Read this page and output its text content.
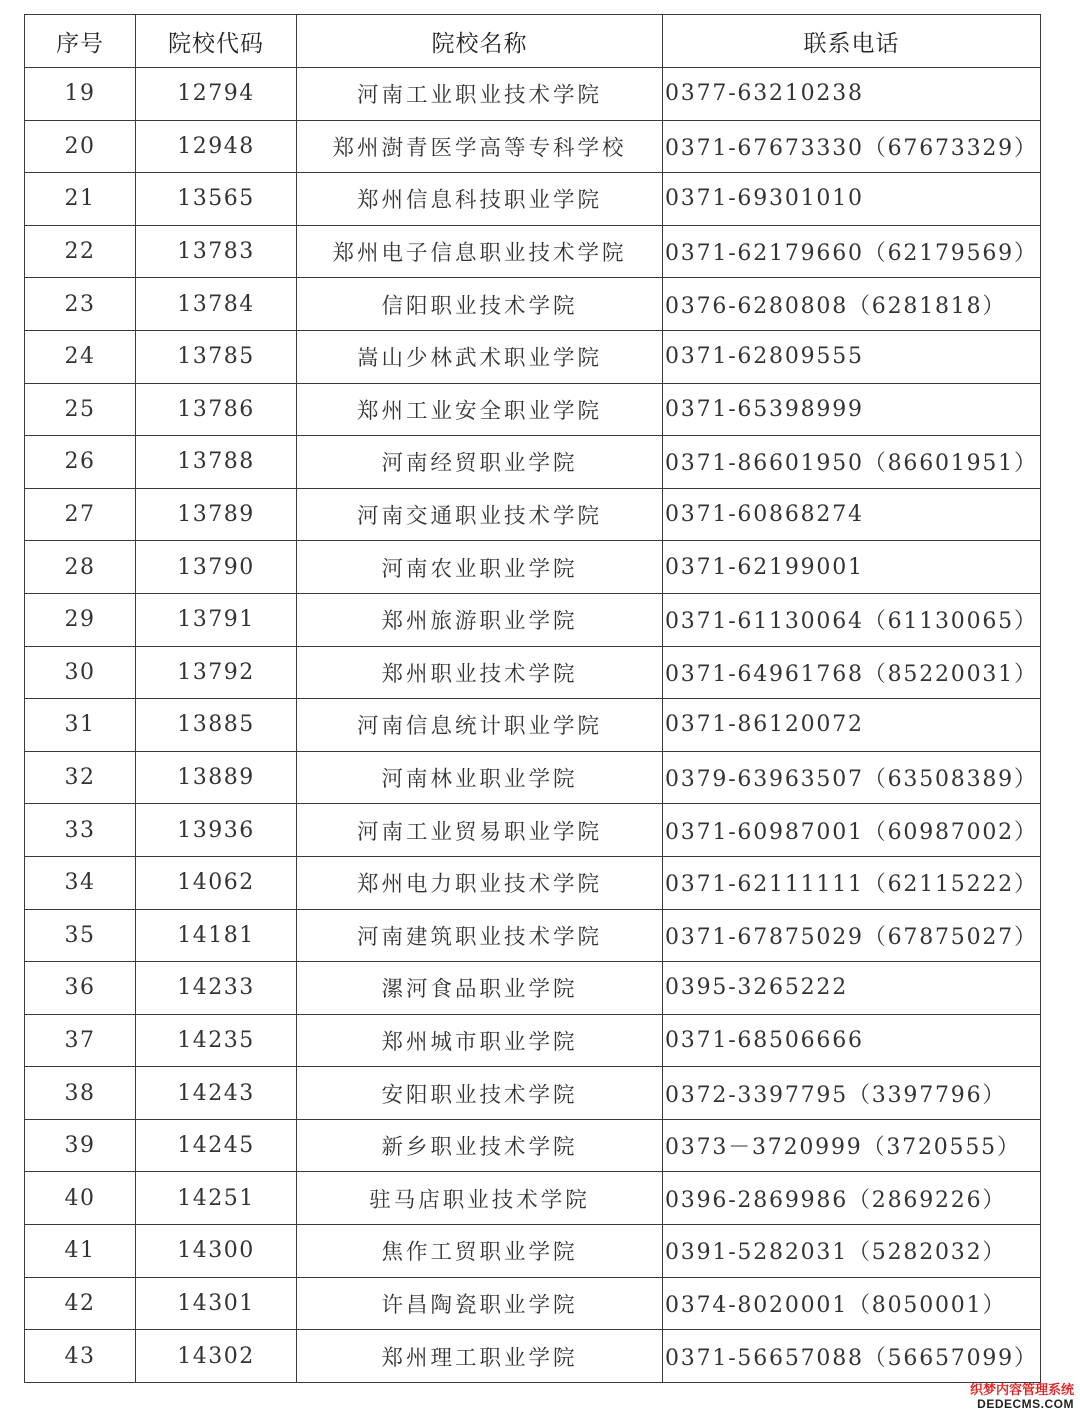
序号	院校代码	院校名称	联系电话
19	12794	河南工业职业技术学院	0377-63210238
20	12948	郑州澍青医学高等专科学校	0371-67673330（67673329）
21	13565	郑州信息科技职业学院	0371-69301010
22	13783	郑州电子信息职业技术学院	0371-62179660（62179569）
23	13784	信阳职业技术学院	0376-6280808（6281818）
24	13785	嵩山少林武术职业学院	0371-62809555
25	13786	郑州工业安全职业学院	0371-65398999
26	13788	河南经贸职业学院	0371-86601950（86601951）
27	13789	河南交通职业技术学院	0371-60868274
28	13790	河南农业职业学院	0371-62199001
29	13791	郑州旅游职业学院	0371-61130064（61130065）
30	13792	郑州职业技术学院	0371-64961768（85220031）
31	13885	河南信息统计职业学院	0371-86120072
32	13889	河南林业职业学院	0379-63963507（63508389）
33	13936	河南工业贸易职业学院	0371-60987001（60987002）
34	14062	郑州电力职业技术学院	0371-62111111（62115222）
35	14181	河南建筑职业技术学院	0371-67875029（67875027）
36	14233	漯河食品职业学院	0395-3265222
37	14235	郑州城市职业学院	0371-68506666
38	14243	安阳职业技术学院	0372-3397795（3397796）
39	14245	新乡职业技术学院	0373－3720999（3720555）
40	14251	驻马店职业技术学院	0396-2869986（2869226）
41	14300	焦作工贸职业学院	0391-5282031（5282032）
42	14301	许昌陶瓷职业学院	0374-8020001（8050001）
43	14302	郑州理工职业学院	0371-56657088（56657099）
织梦内容管理系统
DEDECMS.COM
